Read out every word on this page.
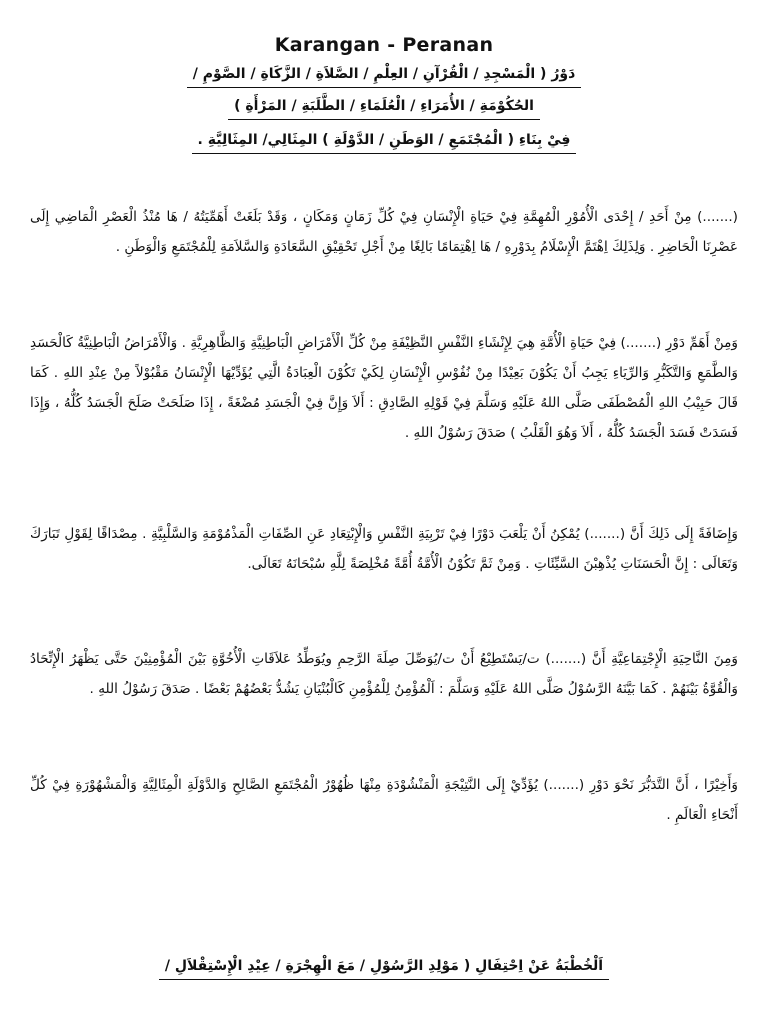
Karangan - Peranan
دَوْرُ ( الْمَسْجِدِ / الْقُرْآنِ / العِلْمِ / الصَّلاَةِ / الزَّكَاةِ / الصَّوْمِ /
الحُكُوْمَةِ / الأُمَرَاءِ / الْعُلَمَاءِ / الطَّلَبَةِ / المَرْأَةِ )
فِيْ بِنَاءِ ( الْمُجْتَمَعِ / الوَطَنِ / الدَّوْلَةِ ) المِثَالِي/ المِثَالِيَّةِ .

(.......) مِنْ أَحَدِ / إِحْدَى الْأُمُوْرِ الْمُهِمَّةِ فِيْ حَيَاةِ الْإِنْسَانِ فِيْ كُلِّ زَمَانٍ وَمَكَانٍ ، وَقَدْ بَلَغَتْ أَهَمِّيَتُهُ / هَا مُنْذُ الْعَصْرِ الْمَاضِي إِلَى عَصْرِنَا الْحَاضِرِ . وَلِذَلِكَ اِهْتَمَّ الْإِسْلَامُ بِدَوْرِهِ / هَا اِهْتِمَامًا بَالِغًا مِنْ أَجْلِ تَحْقِيْقِ السَّعَادَةِ وَالسَّلاَمَةِ لِلْمُجْتَمَعِ وَالْوَطَنِ .

وَمِنْ أَهَمِّ دَوْرِ (.......) فِيْ حَيَاةِ الْأُمَّةِ هِيَ لِإِنْشَاءِ النَّفْسِ النَّظِيْفَةِ مِنْ كُلِّ الْأَمْرَاضِ الْبَاطِنِيَّةِ وَالظَّاهِرِيَّةِ . وَالْأَمْرَاضُ الْبَاطِنِيَّةُ كَالْحَسَدِ وَالطَّمَعِ وَالتَّكَبُّرِ وَالرِّيَاءِ يَجِبُ أَنْ يَكُوْنَ بَعِيْدًا مِنْ نُفُوْسِ الْإِنْسَانِ لِكَيْ تَكُوْنَ الْعِبَادَةُ الَّتِي يُؤَدِّيْهَا الْإِنْسَانُ مَقْبُوْلاً مِنْ عِنْدِ اللهِ . كَمَا قَالَ حَبِيْبُ اللهِ الْمُصْطَفَى صَلَّى اللهُ عَلَيْهِ وَسَلَّمَ فِيْ قَوْلِهِ الصَّادِقِ : أَلاَ وَإِنَّ فِيْ الْجَسَدِ مُضْغَةً ، إِذَا صَلَحَتْ صَلَحَ الْجَسَدُ كُلُّهُ ، وَإِذَا فَسَدَتْ فَسَدَ الْجَسَدُ كُلُّهُ ، أَلاَ وَهُوَ الْقَلْبُ ) صَدَقَ رَسُوْلُ اللهِ .

وَإِضَافَةً إِلَى ذَلِكَ أَنَّ (.......) يُمْكِنُ أَنْ يَلْعَبَ دَوْرًا فِيْ تَرْبِيَةِ النَّفْسِ وَالْإِبْتِعَادِ عَنِ الصِّفَاتِ الْمَذْمُوْمَةِ وَالسَّلْبِيَّةِ . مِصْدَاقًا لِقَوْلِ تَبَارَكَ وَتَعَالَى : إِنَّ الْحَسَنَاتِ يُذْهِبْنَ السَّيِّئَاتِ . وَمِنْ ثَمَّ تَكُوْنُ الْأُمَّةُ أُمَّةً مُخْلِصَةً لِلَّهِ سُبْحَانَهُ تَعَالَى.

وَمِنَ النَّاحِيَةِ الْإِجْتِمَاعِيَّةِ أَنَّ (.......) ت/يَسْتَطِيْعُ أَنْ ت/يُوَصِّلَ صِلَةَ الرَّحِمِ ويُوَطِّدُ عَلاَقَاتِ الْأُخُوَّةِ بَيْنَ الْمُؤْمِنِيْنَ حَتَّى يَظْهَرُ الْإِتِّحَادُ وَالْقُوَّةُ بَيْنَهُمْ . كَمَا بَيَّنَهُ الرَّسُوْلُ صَلَّى اللهُ عَلَيْهِ وَسَلَّمَ : اَلْمُؤْمِنُ لِلْمُؤْمِنِ كَالْبُنْيَانِ يَشُدُّ بَعْضُهُمْ بَعْضًا . صَدَقَ رَسُوْلُ اللهِ .

وَأَخِيْرًا ، أَنَّ التَّدَبُّرَ نَحْوَ دَوْرِ (.......) يُؤَدِّيْ إِلَى النَّتِيْجَةِ الْمَنْشُوْدَةِ مِنْهَا ظُهُوْرُ الْمُجْتَمَعِ الصَّالِحِ وَالدَّوْلَةِ الْمِثَالِيَّةِ وَالْمَشْهُوْرَةِ فِيْ كُلِّ أَنْحَاءِ الْعَالَمِ .

اَلْخُطْبَةُ عَنْ اِحْتِفَالِ ( مَوْلِدِ الرَّسُوْلِ / مَعَ الْهِجْرَةِ / عِيْدِ الْإِسْتِقْلاَلِ /
